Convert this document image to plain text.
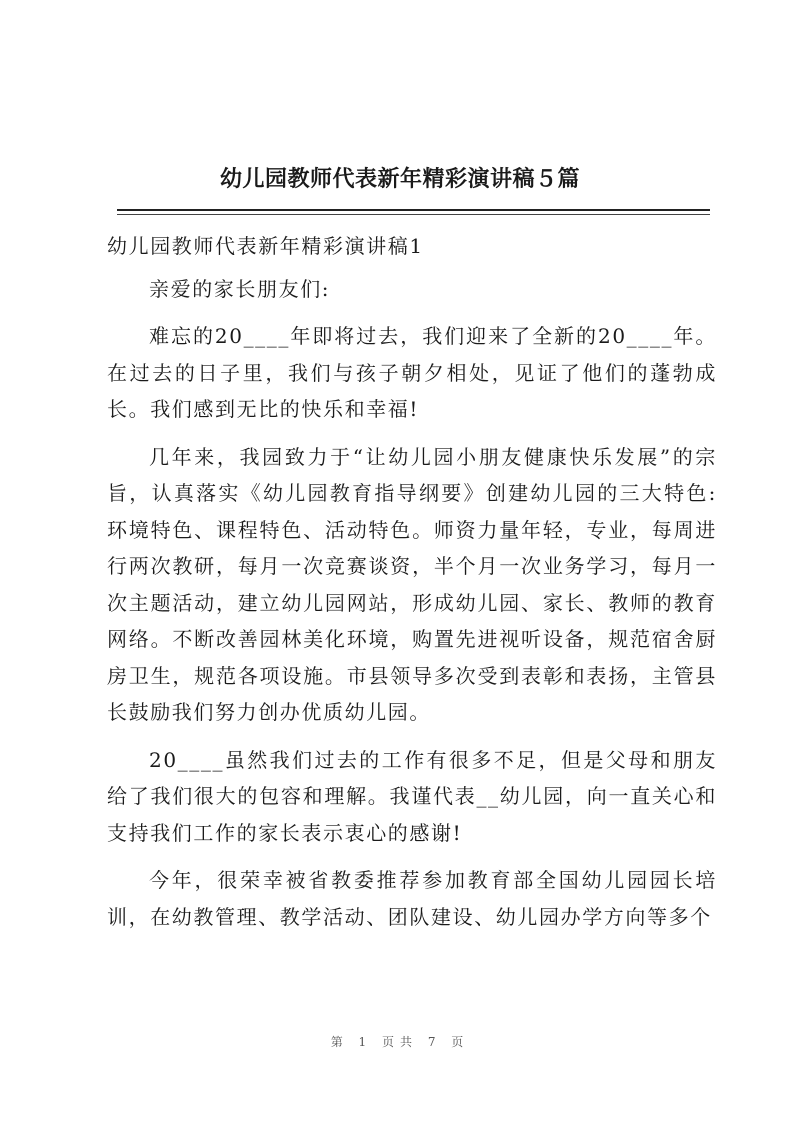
幼儿园教师代表新年精彩演讲稿５篇

幼儿园教师代表新年精彩演讲稿1

亲爱的家长朋友们:

难忘的20____年即将过去，我们迎来了全新的20____年。在过去的日子里，我们与孩子朝夕相处，见证了他们的蓬勃成长。我们感到无比的快乐和幸福!

几年来，我园致力于“让幼儿园小朋友健康快乐发展”的宗旨，认真落实《幼儿园教育指导纲要》创建幼儿园的三大特色:环境特色、课程特色、活动特色。师资力量年轻，专业，每周进行两次教研，每月一次竞赛谈资，半个月一次业务学习，每月一次主题活动，建立幼儿园网站，形成幼儿园、家长、教师的教育网络。不断改善园林美化环境，购置先进视听设备，规范宿舍厨房卫生，规范各项设施。市县领导多次受到表彰和表扬，主管县长鼓励我们努力创办优质幼儿园。

20____虽然我们过去的工作有很多不足，但是父母和朋友给了我们很大的包容和理解。我谨代表__幼儿园，向一直关心和支持我们工作的家长表示衷心的感谢!

今年，很荣幸被省教委推荐参加教育部全国幼儿园园长培训，在幼教管理、教学活动、团队建设、幼儿园办学方向等多个

第 1 页共 7 页
